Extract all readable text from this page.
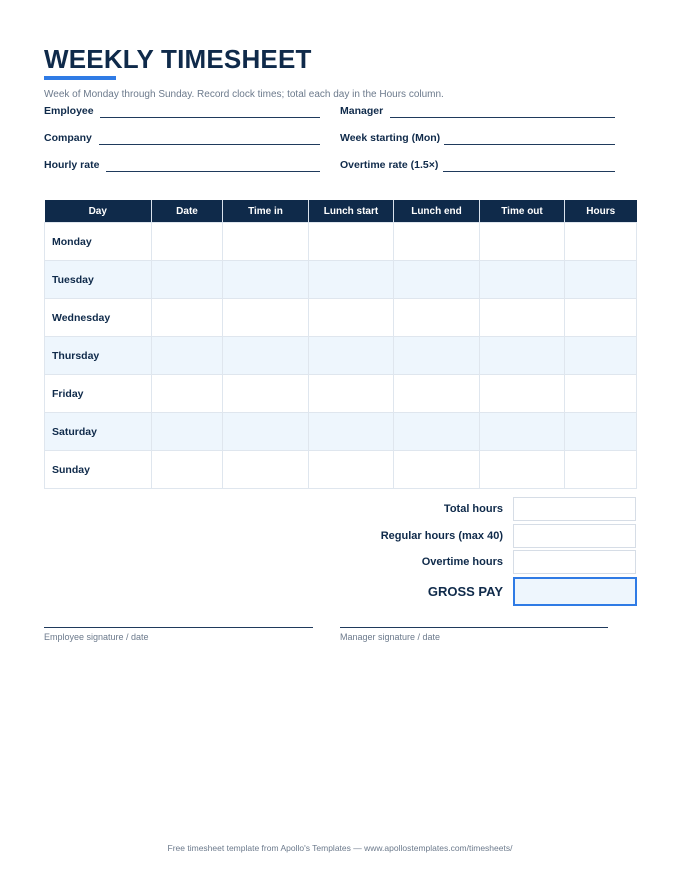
WEEKLY TIMESHEET
Week of Monday through Sunday. Record clock times; total each day in the Hours column.
Employee
Company
Hourly rate
Manager
Week starting (Mon)
Overtime rate (1.5×)
Day	Date	Time in	Lunch start	Lunch end	Time out	Hours
Monday						
Tuesday						
Wednesday						
Thursday						
Friday						
Saturday						
Sunday						
Total hours
Regular hours (max 40)
Overtime hours
GROSS PAY
Employee signature / date	Manager signature / date
Free timesheet template from Apollo's Templates — www.apollostemplates.com/timesheets/
